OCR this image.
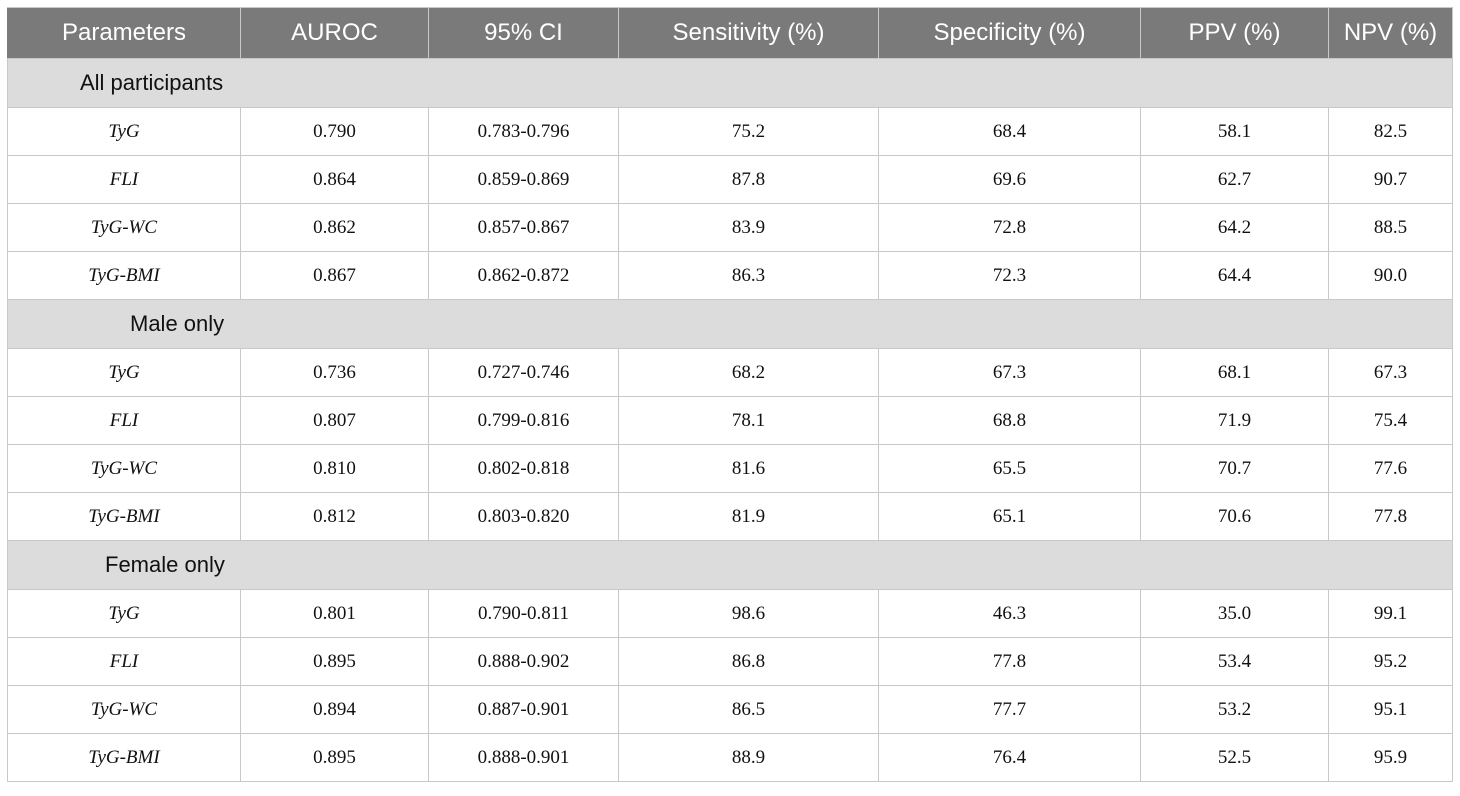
Parameters	AUROC	95% CI	Sensitivity (%)	Specificity (%)	PPV (%)	NPV (%)
All participants						
TyG	0.790	0.783-0.796	75.2	68.4	58.1	82.5
FLI	0.864	0.859-0.869	87.8	69.6	62.7	90.7
TyG-WC	0.862	0.857-0.867	83.9	72.8	64.2	88.5
TyG-BMI	0.867	0.862-0.872	86.3	72.3	64.4	90.0
Male only						
TyG	0.736	0.727-0.746	68.2	67.3	68.1	67.3
FLI	0.807	0.799-0.816	78.1	68.8	71.9	75.4
TyG-WC	0.810	0.802-0.818	81.6	65.5	70.7	77.6
TyG-BMI	0.812	0.803-0.820	81.9	65.1	70.6	77.8
Female only						
TyG	0.801	0.790-0.811	98.6	46.3	35.0	99.1
FLI	0.895	0.888-0.902	86.8	77.8	53.4	95.2
TyG-WC	0.894	0.887-0.901	86.5	77.7	53.2	95.1
TyG-BMI	0.895	0.888-0.901	88.9	76.4	52.5	95.9
